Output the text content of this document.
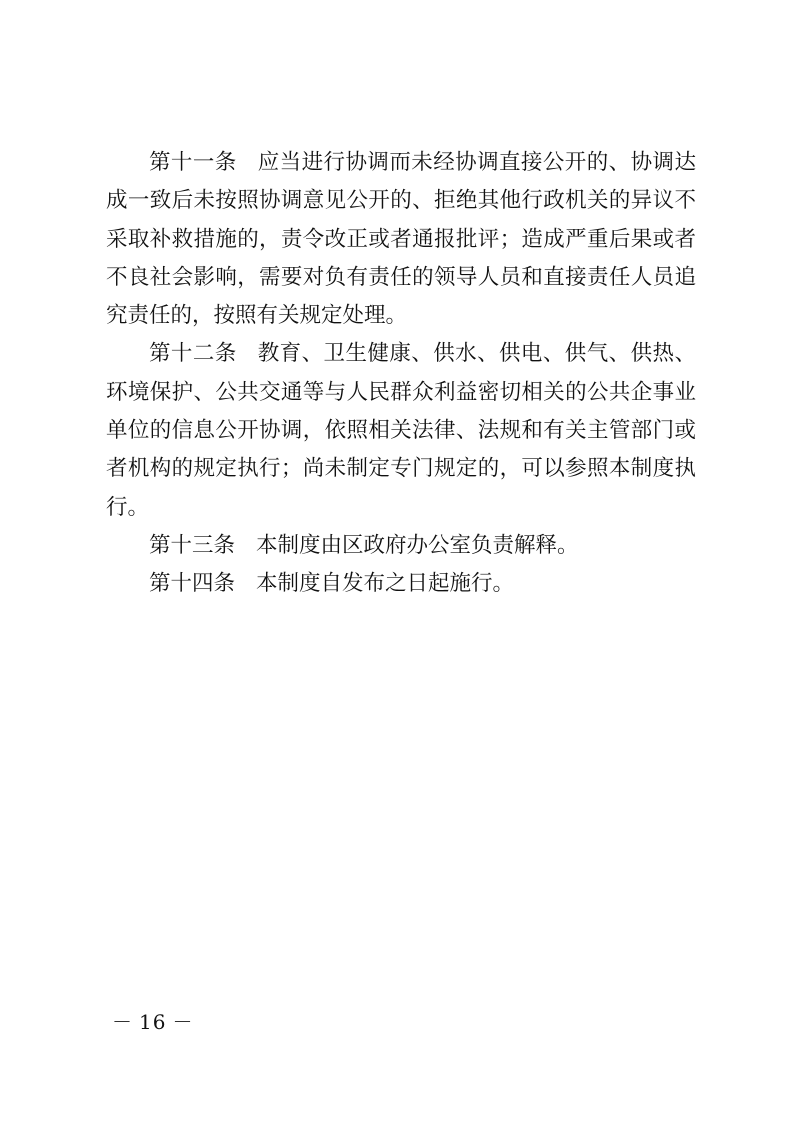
第十一条 应当进行协调而未经协调直接公开的、协调达成一致后未按照协调意见公开的、拒绝其他行政机关的异议不采取补救措施的，责令改正或者通报批评；造成严重后果或者不良社会影响，需要对负有责任的领导人员和直接责任人员追究责任的，按照有关规定处理。

第十二条 教育、卫生健康、供水、供电、供气、供热、环境保护、公共交通等与人民群众利益密切相关的公共企事业单位的信息公开协调，依照相关法律、法规和有关主管部门或者机构的规定执行；尚未制定专门规定的，可以参照本制度执行。

第十三条 本制度由区政府办公室负责解释。

第十四条 本制度自发布之日起施行。

－ 16 －
